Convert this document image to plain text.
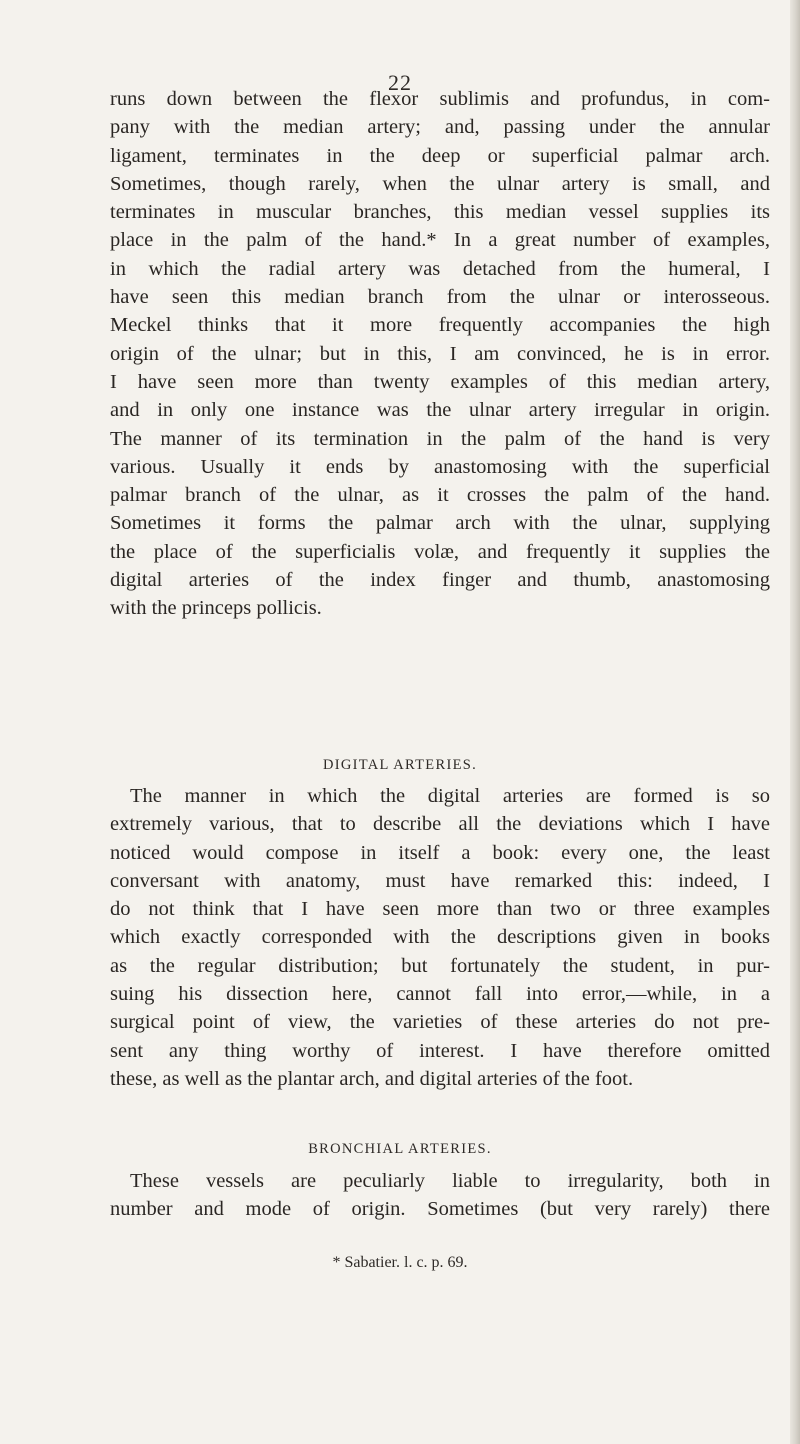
22
runs down between the flexor sublimis and profundus, in com-
pany with the median artery; and, passing under the annular
ligament, terminates in the deep or superficial palmar arch.
Sometimes, though rarely, when the ulnar artery is small, and
terminates in muscular branches, this median vessel supplies its
place in the palm of the hand.* In a great number of examples,
in which the radial artery was detached from the humeral, I
have seen this median branch from the ulnar or interosseous.
Meckel thinks that it more frequently accompanies the high
origin of the ulnar; but in this, I am convinced, he is in error.
I have seen more than twenty examples of this median artery,
and in only one instance was the ulnar artery irregular in origin.
The manner of its termination in the palm of the hand is very
various. Usually it ends by anastomosing with the superficial
palmar branch of the ulnar, as it crosses the palm of the hand.
Sometimes it forms the palmar arch with the ulnar, supplying
the place of the superficialis volæ, and frequently it supplies the
digital arteries of the index finger and thumb, anastomosing
with the princeps pollicis.
DIGITAL ARTERIES.
The manner in which the digital arteries are formed is so
extremely various, that to describe all the deviations which I have
noticed would compose in itself a book: every one, the least
conversant with anatomy, must have remarked this: indeed, I
do not think that I have seen more than two or three examples
which exactly corresponded with the descriptions given in books
as the regular distribution; but fortunately the student, in pur-
suing his dissection here, cannot fall into error,—while, in a
surgical point of view, the varieties of these arteries do not pre-
sent any thing worthy of interest. I have therefore omitted
these, as well as the plantar arch, and digital arteries of the foot.
BRONCHIAL ARTERIES.
These vessels are peculiarly liable to irregularity, both in
number and mode of origin. Sometimes (but very rarely) there
* Sabatier. l. c. p. 69.
